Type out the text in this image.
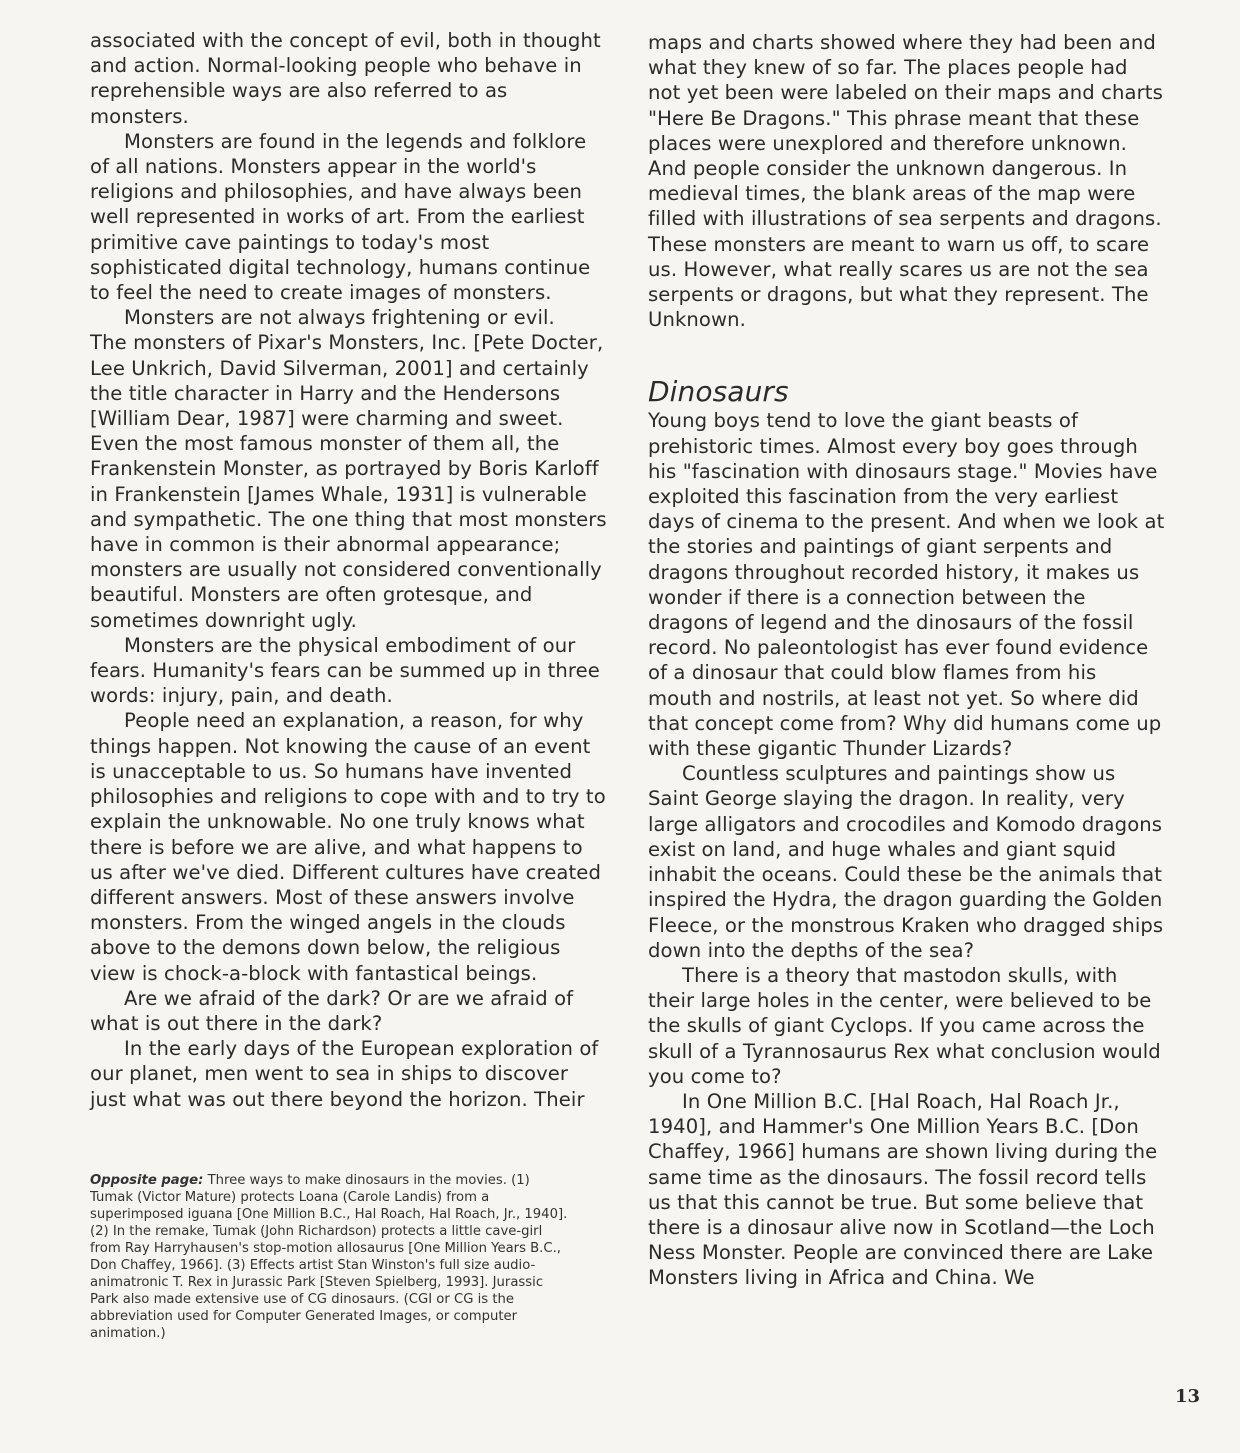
associated with the concept of evil, both in thought and action. Normal-looking people who behave in reprehensible ways are also referred to as monsters.

Monsters are found in the legends and folklore of all nations. Monsters appear in the world's religions and philosophies, and have always been well represented in works of art. From the earliest primitive cave paintings to today's most sophisticated digital technology, humans continue to feel the need to create images of monsters.

Monsters are not always frightening or evil.

The monsters of Pixar's Monsters, Inc. [Pete Docter, Lee Unkrich, David Silverman, 2001] and certainly the title character in Harry and the Hendersons [William Dear, 1987] were charming and sweet. Even the most famous monster of them all, the Frankenstein Monster, as portrayed by Boris Karloff in Frankenstein [James Whale, 1931] is vulnerable and sympathetic. The one thing that most monsters have in common is their abnormal appearance; monsters are usually not considered conventionally beautiful. Monsters are often grotesque, and sometimes downright ugly.

Monsters are the physical embodiment of our fears. Humanity's fears can be summed up in three words: injury, pain, and death.

People need an explanation, a reason, for why things happen. Not knowing the cause of an event is unacceptable to us. So humans have invented philosophies and religions to cope with and to try to explain the unknowable. No one truly knows what there is before we are alive, and what happens to us after we've died. Different cultures have created different answers. Most of these answers involve monsters. From the winged angels in the clouds above to the demons down below, the religious view is chock-a-block with fantastical beings.

Are we afraid of the dark? Or are we afraid of what is out there in the dark?

In the early days of the European exploration of our planet, men went to sea in ships to discover just what was out there beyond the horizon. Their

maps and charts showed where they had been and what they knew of so far. The places people had not yet been were labeled on their maps and charts "Here Be Dragons." This phrase meant that these places were unexplored and therefore unknown. And people consider the unknown dangerous. In medieval times, the blank areas of the map were filled with illustrations of sea serpents and dragons. These monsters are meant to warn us off, to scare us. However, what really scares us are not the sea serpents or dragons, but what they represent. The Unknown.

Dinosaurs

Young boys tend to love the giant beasts of prehistoric times. Almost every boy goes through his "fascination with dinosaurs stage." Movies have exploited this fascination from the very earliest days of cinema to the present. And when we look at the stories and paintings of giant serpents and dragons throughout recorded history, it makes us wonder if there is a connection between the dragons of legend and the dinosaurs of the fossil record. No paleontologist has ever found evidence of a dinosaur that could blow flames from his mouth and nostrils, at least not yet. So where did that concept come from? Why did humans come up with these gigantic Thunder Lizards?

Countless sculptures and paintings show us Saint George slaying the dragon. In reality, very large alligators and crocodiles and Komodo dragons exist on land, and huge whales and giant squid inhabit the oceans. Could these be the animals that inspired the Hydra, the dragon guarding the Golden Fleece, or the monstrous Kraken who dragged ships down into the depths of the sea?

There is a theory that mastodon skulls, with their large holes in the center, were believed to be the skulls of giant Cyclops. If you came across the skull of a Tyrannosaurus Rex what conclusion would you come to?

In One Million B.C. [Hal Roach, Hal Roach Jr., 1940], and Hammer's One Million Years B.C. [Don Chaffey, 1966] humans are shown living during the same time as the dinosaurs. The fossil record tells us that this cannot be true. But some believe that there is a dinosaur alive now in Scotland—the Loch Ness Monster. People are convinced there are Lake Monsters living in Africa and China. We

Opposite page: Three ways to make dinosaurs in the movies. (1) Tumak (Victor Mature) protects Loana (Carole Landis) from a superimposed iguana [One Million B.C., Hal Roach, Hal Roach, Jr., 1940]. (2) In the remake, Tumak (John Richardson) protects a little cave-girl from Ray Harryhausen's stop-motion allosaurus [One Million Years B.C., Don Chaffey, 1966]. (3) Effects artist Stan Winston's full size audio-animatronic T. Rex in Jurassic Park [Steven Spielberg, 1993]. Jurassic Park also made extensive use of CG dinosaurs. (CGI or CG is the abbreviation used for Computer Generated Images, or computer animation.)
13
